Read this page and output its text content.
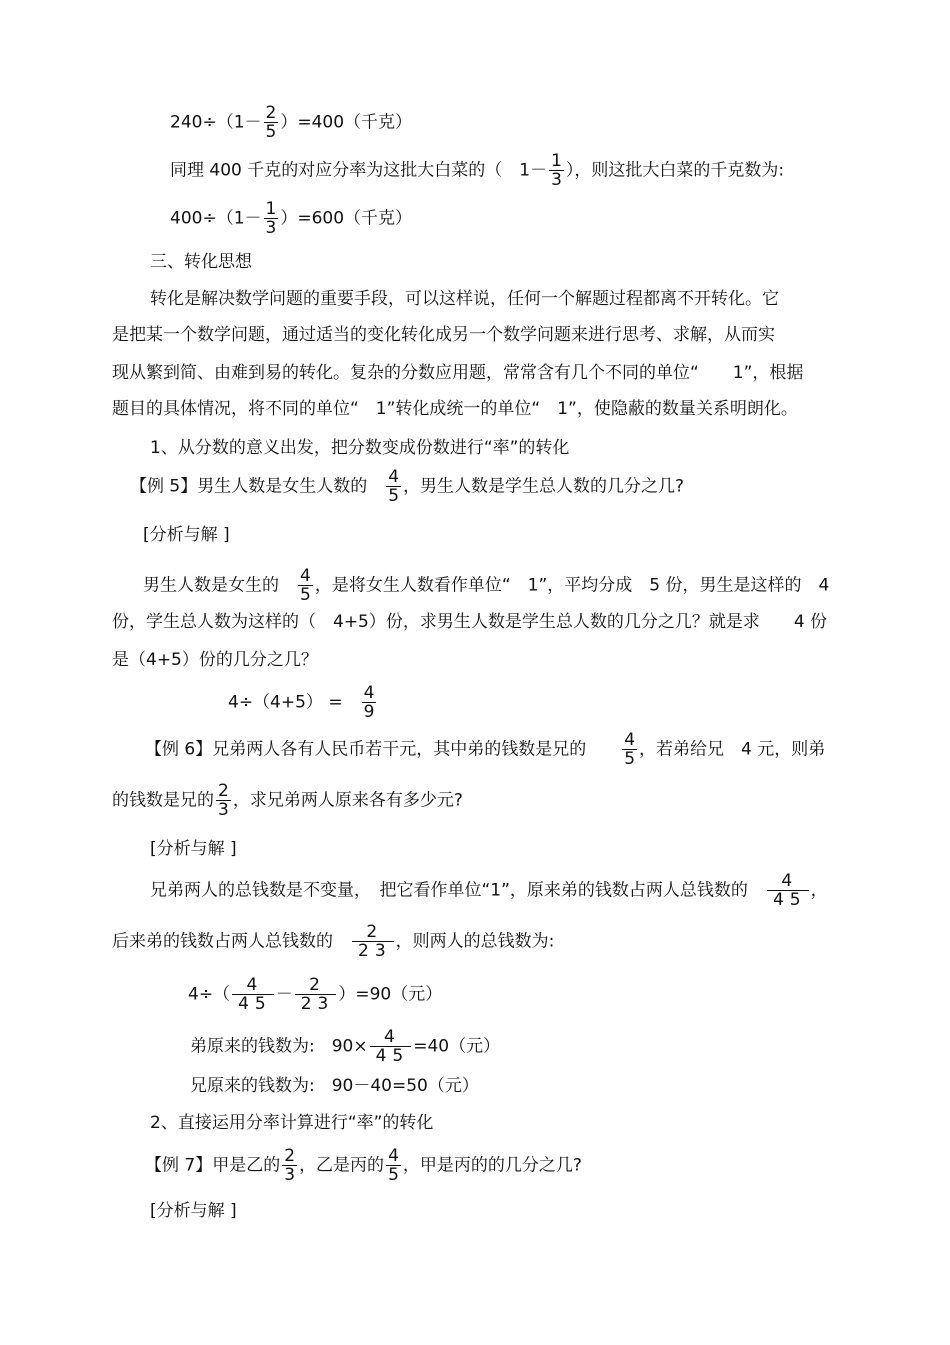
$240\div(1- \frac{2}{5} )=400$（千克）
同理 400 千克的对应分率为这批大白菜的（　$1- \frac{1}{3}$ ），则这批大白菜的千克数为:
$400\div(1- \frac{1}{3} )=600$（千克）
三、转化思想
转化是解决数学问题的重要手段，可以这样说，任何一个解题过程都离不开转化。它
是把某一个数学问题，通过适当的变化转化成另一个数学问题来进行思考、求解，从而实
现从繁到简、由难到易的转化。复杂的分数应用题，常常含有几个不同的单位“　　1”，根据
题目的具体情况，将不同的单位“　1”转化成统一的单位“　1”，使隐蔽的数量关系明朗化。
1、从分数的意义出发，把分数变成份数进行“率”的转化
【例 5】男生人数是女生人数的　 $\frac{4}{5}$ ，男生人数是学生总人数的几分之几?
[分析与解 ]
男生人数是女生的　 $\frac{4}{5}$ ，是将女生人数看作单位“　1”，平均分成　5 份，男生是这样的　4
份，学生总人数为这样的（　4+5）份，求男生人数是学生总人数的几分之几？就是求　　4 份
是（4+5）份的几分之几？
4÷（4+5） =　 $\frac{4}{9}$
【例 6】兄弟两人各有人民币若干元，其中弟的钱数是兄的　　 $\frac{4}{5}$ ，若弟给兄　4 元，则弟
的钱数是兄的 $\frac{2}{3}$ ，求兄弟两人原来各有多少元?
[分析与解 ]
兄弟两人的总钱数是不变量，　把它看作单位“1”，原来弟的钱数占两人总钱数的　 $\frac{4}{45}$ ，
后来弟的钱数占两人总钱数的　 $\frac{2}{23}$ ，则两人的总钱数为:
$4\div( \frac{4}{45} - \frac{2}{23} )=90$（元）
弟原来的钱数为:　$90\times \frac{4}{45} =40$（元）
兄原来的钱数为:　90－40=50（元）
2、直接运用分率计算进行“率”的转化
【例 7】甲是乙的 $\frac{2}{3}$ ，乙是丙的 $\frac{4}{5}$ ，甲是丙的的几分之几?
[分析与解 ]
